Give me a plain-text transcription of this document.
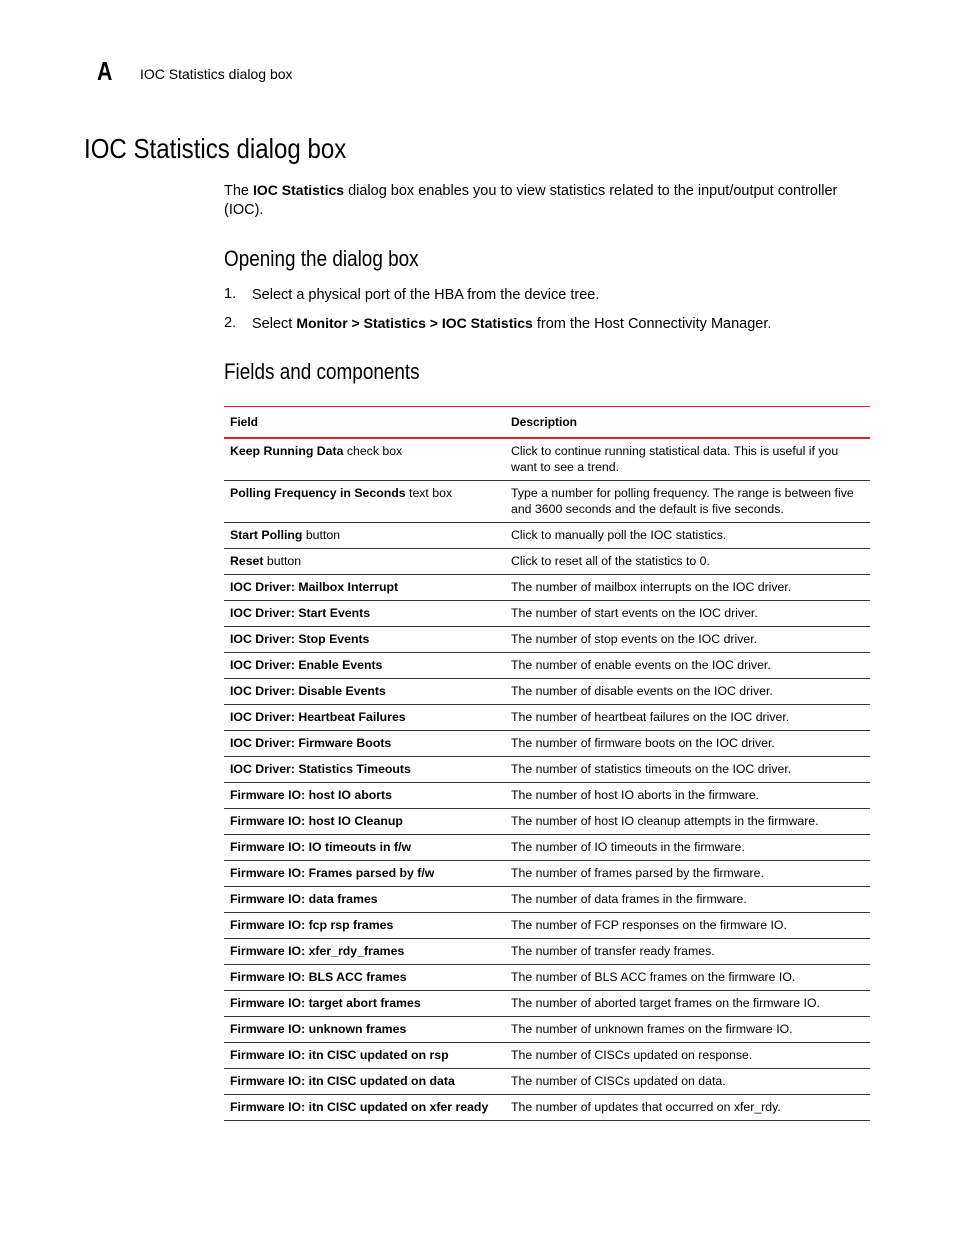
A IOC Statistics dialog box
IOC Statistics dialog box

The IOC Statistics dialog box enables you to view statistics related to the input/output controller (IOC).

Opening the dialog box
1.	Select a physical port of the HBA from the device tree.
2.	Select Monitor > Statistics > IOC Statistics from the Host Connectivity Manager.
Fields and components
Field	Description
Keep Running Data check box	Click to continue running statistical data. This is useful if you want to see a trend.
Polling Frequency in Seconds text box	Type a number for polling frequency. The range is between five and 3600 seconds and the default is five seconds.
Start Polling button	Click to manually poll the IOC statistics.
Reset button	Click to reset all of the statistics to 0.
IOC Driver: Mailbox Interrupt	The number of mailbox interrupts on the IOC driver.
IOC Driver: Start Events	The number of start events on the IOC driver.
IOC Driver: Stop Events	The number of stop events on the IOC driver.
IOC Driver: Enable Events	The number of enable events on the IOC driver.
IOC Driver: Disable Events	The number of disable events on the IOC driver.
IOC Driver: Heartbeat Failures	The number of heartbeat failures on the IOC driver.
IOC Driver: Firmware Boots	The number of firmware boots on the IOC driver.
IOC Driver: Statistics Timeouts	The number of statistics timeouts on the IOC driver.
Firmware IO: host IO aborts	The number of host IO aborts in the firmware.
Firmware IO: host IO Cleanup	The number of host IO cleanup attempts in the firmware.
Firmware IO: IO timeouts in f/w	The number of IO timeouts in the firmware.
Firmware IO: Frames parsed by f/w	The number of frames parsed by the firmware.
Firmware IO: data frames	The number of data frames in the firmware.
Firmware IO: fcp rsp frames	The number of FCP responses on the firmware IO.
Firmware IO: xfer_rdy_frames	The number of transfer ready frames.
Firmware IO: BLS ACC frames	The number of BLS ACC frames on the firmware IO.
Firmware IO: target abort frames	The number of aborted target frames on the firmware IO.
Firmware IO: unknown frames	The number of unknown frames on the firmware IO.
Firmware IO: itn CISC updated on rsp	The number of CISCs updated on response.
Firmware IO: itn CISC updated on data	The number of CISCs updated on data.
Firmware IO: itn CISC updated on xfer ready	The number of updates that occurred on xfer_rdy.
